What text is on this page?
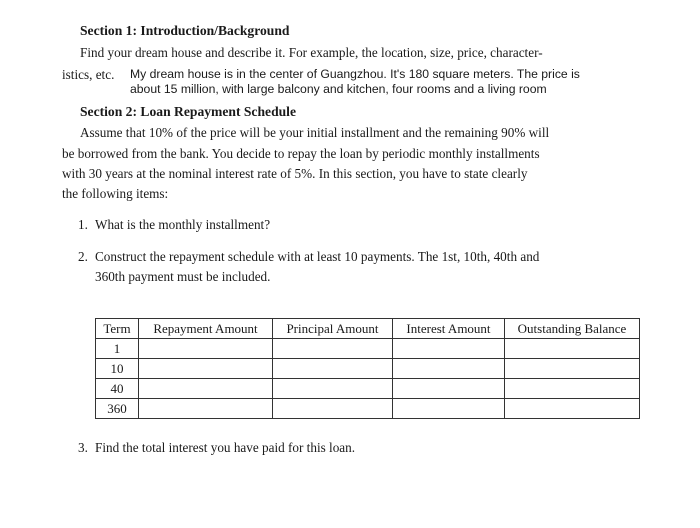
Section 1: Introduction/Background
Find your dream house and describe it. For example, the location, size, price, character-
istics, etc. My dream house is in the center of Guangzhou. It's 180 square meters. The price is
about 15 million, with large balcony and kitchen, four rooms and a living room
Section 2: Loan Repayment Schedule
Assume that 10% of the price will be your initial installment and the remaining 90% will
be borrowed from the bank. You decide to repay the loan by periodic monthly installments
with 30 years at the nominal interest rate of 5%. In this section, you have to state clearly
the following items:
1. What is the monthly installment?
2. Construct the repayment schedule with at least 10 payments. The 1st, 10th, 40th and
360th payment must be included.
Term	Repayment Amount	Principal Amount	Interest Amount	Outstanding Balance
1				
10				
40				
360				
3. Find the total interest you have paid for this loan.
